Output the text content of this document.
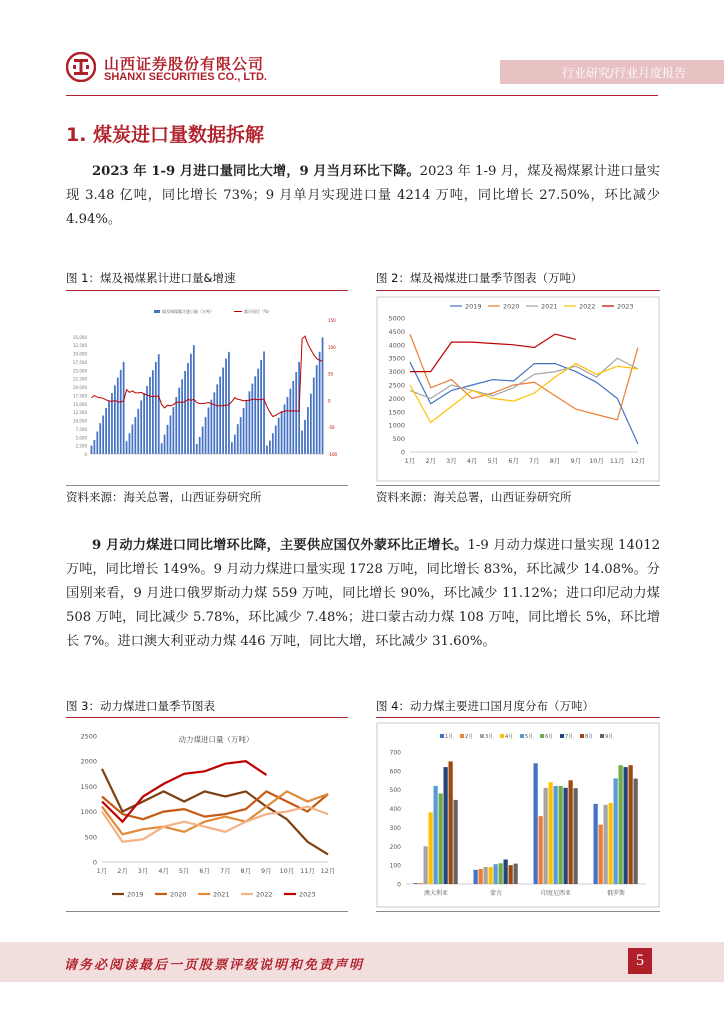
山西证券股份有限公司
SHANXI SECURITIES CO., LTD.	行业研究/行业月度报告
1. 煤炭进口量数据拆解
2023 年 1-9 月进口量同比大增，9 月当月环比下降。2023 年 1-9 月，煤及褐煤累计进口量实现 3.48 亿吨，同比增长 73%；9 月单月实现进口量 4214 万吨，同比增长 27.50%，环比减少 4.94%。
图 1：煤及褐煤累计进口量&增速	图 2：煤及褐煤进口量季节图表（万吨）
0
2,500
5,000
7,500
10,000
12,500
15,000
17,500
20,000
22,500
25,000
27,500
30,000
32,500
35,000
-100
-50
0
50
100
150
煤及褐煤累计进口量（万吨）	累计同比（%）
0
500
1000
1500
2000
2500
3000
3500
4000
4500
5000
1月 2月 3月 4月 5月 6月 7月 8月 9月 10月 11月 12月
2019	2020	2021	2022	2023
资料来源：海关总署，山西证券研究所	资料来源：海关总署，山西证券研究所
9 月动力煤进口同比增环比降，主要供应国仅外蒙环比正增长。1-9 月动力煤进口量实现 14012 万吨，同比增长 149%。9 月动力煤进口量实现 1728 万吨，同比增长 83%，环比减少 14.08%。分国别来看，9 月进口俄罗斯动力煤 559 万吨，同比增长 90%，环比减少 11.12%；进口印尼动力煤 508 万吨，同比减少 5.78%，环比减少 7.48%；进口蒙古动力煤 108 万吨，同比增长 5%，环比增长 7%。进口澳大利亚动力煤 446 万吨，同比大增，环比减少 31.60%。
图 3：动力煤进口量季节图表	图 4：动力煤主要进口国月度分布（万吨）
0
500
1000
1500
2000
2500
1月 2月 3月 4月 5月 6月 7月 8月 9月 10月 11月 12月
2019	2020	2021	2022	2023
动力煤进口量（万吨）
0
100
200
300
400
500
600
700
澳大利亚	蒙古	印度尼西亚	俄罗斯
1月 2月 3月 4月 5月 6月 7月 8月 9月
请务必阅读最后一页股票评级说明和免责声明	5
